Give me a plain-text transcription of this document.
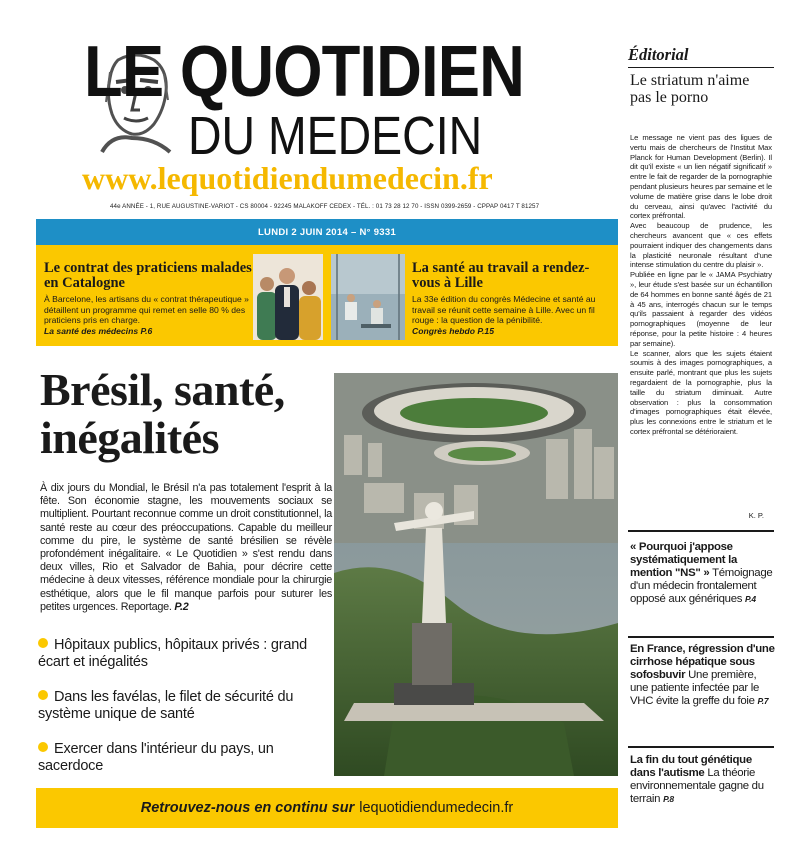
LE QUOTIDIEN
DU MEDECIN
www.lequotidiendumedecin.fr
44e ANNÉE - 1, RUE AUGUSTINE-VARIOT - CS 80004 - 92245 MALAKOFF CEDEX - TÉL. : 01 73 28 12 70 - ISSN 0399-2659 - CPPAP 0417 T 81257
LUNDI 2 JUIN 2014 – N° 9331
Le contrat des praticiens malades en Catalogne
À Barcelone, les artisans du « contrat thérapeutique » détaillent un programme qui remet en selle 80 % des praticiens pris en charge.
La santé des médecins P.6
La santé au travail a rendez-vous à Lille
La 33e édition du congrès Médecine et santé au travail se réunit cette semaine à Lille. Avec un fil rouge : la question de la pénibilité.
Congrès hebdo P.15
Brésil, santé, inégalités
À dix jours du Mondial, le Brésil n'a pas totalement l'esprit à la fête. Son économie stagne, les mouvements sociaux se multiplient. Pourtant reconnue comme un droit constitutionnel, la santé reste au cœur des préoccupations. Capable du meilleur comme du pire, le système de santé brésilien se révèle profondément inégalitaire. « Le Quotidien » s'est rendu dans deux villes, Rio et Salvador de Bahia, pour décrire cette médecine à deux vitesses, référence mondiale pour la chirurgie esthétique, alors que le fil manque parfois pour suturer les petites urgences. Reportage. P.2
Hôpitaux publics, hôpitaux privés : grand écart et inégalités
Dans les favélas, le filet de sécurité du système unique de santé
Exercer dans l'intérieur du pays, un sacerdoce
Retrouvez-nous en continu sur lequotidiendumedecin.fr
Éditorial
Le striatum n'aime pas le porno

Le message ne vient pas des ligues de vertu mais de chercheurs de l'Institut Max Planck for Human Development (Berlin). Il dit qu'il existe « un lien négatif significatif » entre le fait de regarder de la pornographie pendant plusieurs heures par semaine et le volume de matière grise dans le lobe droit du cerveau, ainsi qu'avec l'activité du cortex préfrontal.

Avec beaucoup de prudence, les chercheurs avancent que « ces effets pourraient indiquer des changements dans la plasticité neuronale résultant d'une intense stimulation du centre du plaisir ».

Publiée en ligne par le « JAMA Psychiatry », leur étude s'est basée sur un échantillon de 64 hommes en bonne santé âgés de 21 à 45 ans, interrogés chacun sur le temps qu'ils passaient à regarder des vidéos pornographiques (moyenne de leur réponse, pour la petite histoire : 4 heures par semaine).

Le scanner, alors que les sujets étaient soumis à des images pornographiques, a ensuite parlé, montrant que plus les sujets regardaient de la pornographie, plus la taille du striatum diminuait. Autre observation : plus la consommation d'images pornographiques était élevée, plus les connexions entre le striatum et le cortex préfrontal se détérioraient.

K. P.
« Pourquoi j'appose systématiquement la mention "NS" » Témoignage d'un médecin frontalement opposé aux génériques P.4
En France, régression d'une cirrhose hépatique sous sofosbuvir Une première, une patiente infectée par le VHC évite la greffe du foie P.7
La fin du tout génétique dans l'autisme La théorie environnementale gagne du terrain P.8
